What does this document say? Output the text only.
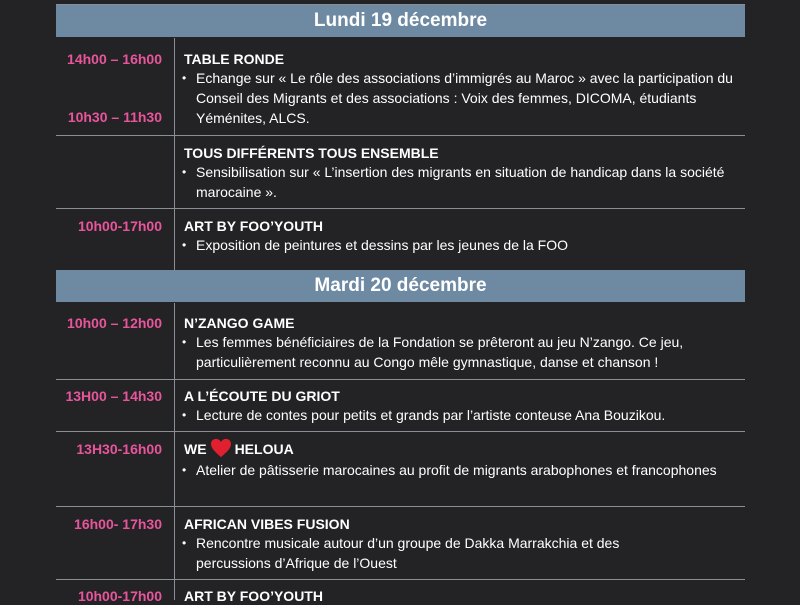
Lundi 19 décembre
14h00 – 16h00
10h30 – 11h30
TABLE RONDE
• Echange sur « Le rôle des associations d’immigrés au Maroc » avec la participation du Conseil des Migrants et des associations : Voix des femmes, DICOMA, étudiants Yéménites, ALCS.
TOUS DIFFÉRENTS TOUS ENSEMBLE
• Sensibilisation sur « L’insertion des migrants en situation de handicap dans la société marocaine ».
10h00-17h00 ART BY FOO’YOUTH
• Exposition de peintures et dessins par les jeunes de la FOO
Mardi 20 décembre
10h00 – 12h00 N’ZANGO GAME
• Les femmes bénéficiaires de la Fondation se prêteront au jeu N’zango. Ce jeu, particulièrement reconnu au Congo mêle gymnastique, danse et chanson !
13H00 – 14h30 A L’ÉCOUTE DU GRIOT
• Lecture de contes pour petits et grands par l’artiste conteuse Ana Bouzikou.
13H30-16h00 WE HELOUA
• Atelier de pâtisserie marocaines au profit de migrants arabophones et francophones
16h00- 17h30 AFRICAN VIBES FUSION
• Rencontre musicale autour d’un groupe de Dakka Marrakchia et des percussions d’Afrique de l’Ouest
10h00-17h00 ART BY FOO’YOUTH
